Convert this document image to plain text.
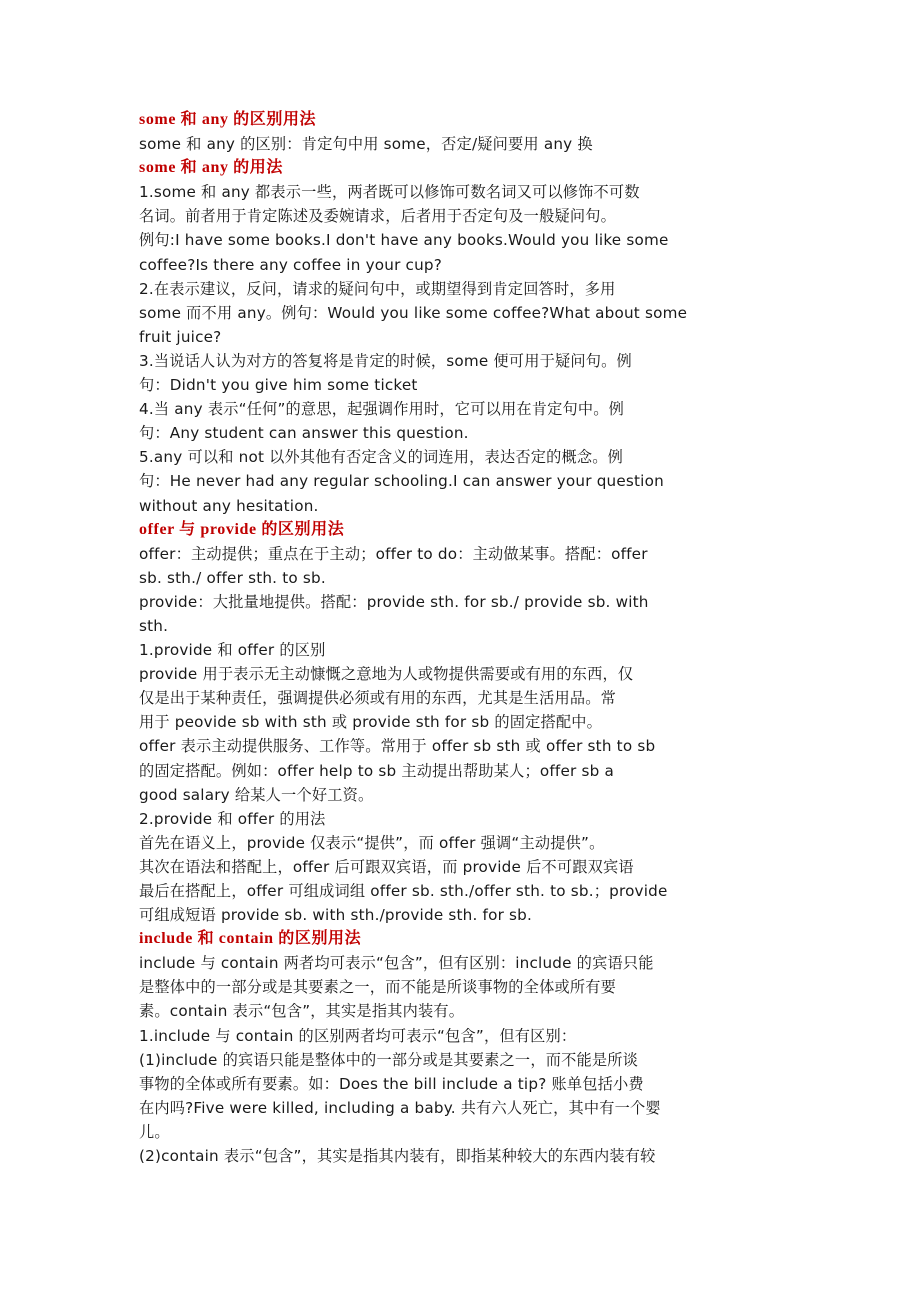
some 和 any 的区别用法
some 和 any 的区别：肯定句中用 some，否定/疑问要用 any 换
some 和 any 的用法
1.some 和 any 都表示一些，两者既可以修饰可数名词又可以修饰不可数
名词。前者用于肯定陈述及委婉请求，后者用于否定句及一般疑问句。
例句:I have some books.I don't have any books.Would you like some
coffee?Is there any coffee in your cup?
2.在表示建议，反问，请求的疑问句中，或期望得到肯定回答时，多用
some 而不用 any。例句：Would you like some coffee?What about some
fruit juice?
3.当说话人认为对方的答复将是肯定的时候，some 便可用于疑问句。例
句：Didn't you give him some ticket
4.当 any 表示“任何”的意思，起强调作用时，它可以用在肯定句中。例
句：Any student can answer this question.
5.any 可以和 not 以外其他有否定含义的词连用，表达否定的概念。例
句：He never had any regular schooling.I can answer your question
without any hesitation.
offer 与 provide 的区别用法
offer：主动提供；重点在于主动；offer to do：主动做某事。搭配：offer
sb. sth./ offer sth. to sb.
provide：大批量地提供。搭配：provide sth. for sb./ provide sb. with
sth.
1.provide 和 offer 的区别
provide 用于表示无主动慷慨之意地为人或物提供需要或有用的东西，仅
仅是出于某种责任，强调提供必须或有用的东西，尤其是生活用品。常
用于 peovide sb with sth 或 provide sth for sb 的固定搭配中。
offer 表示主动提供服务、工作等。常用于 offer sb sth 或 offer sth to sb
的固定搭配。例如：offer help to sb 主动提出帮助某人；offer sb a
good salary 给某人一个好工资。
2.provide 和 offer 的用法
首先在语义上，provide 仅表示“提供”，而 offer 强调“主动提供”。
其次在语法和搭配上，offer 后可跟双宾语，而 provide 后不可跟双宾语
最后在搭配上，offer 可组成词组 offer sb. sth./offer sth. to sb.；provide
可组成短语 provide sb. with sth./provide sth. for sb.
include 和 contain 的区别用法
include 与 contain 两者均可表示“包含”，但有区别：include 的宾语只能
是整体中的一部分或是其要素之一，而不能是所谈事物的全体或所有要
素。contain 表示“包含”，其实是指其内装有。
1.include 与 contain 的区别两者均可表示“包含”，但有区别：
(1)include 的宾语只能是整体中的一部分或是其要素之一，而不能是所谈
事物的全体或所有要素。如：Does the bill include a tip? 账单包括小费
在内吗?Five were killed, including a baby. 共有六人死亡，其中有一个婴
儿。
(2)contain 表示“包含”，其实是指其内装有，即指某种较大的东西内装有较
